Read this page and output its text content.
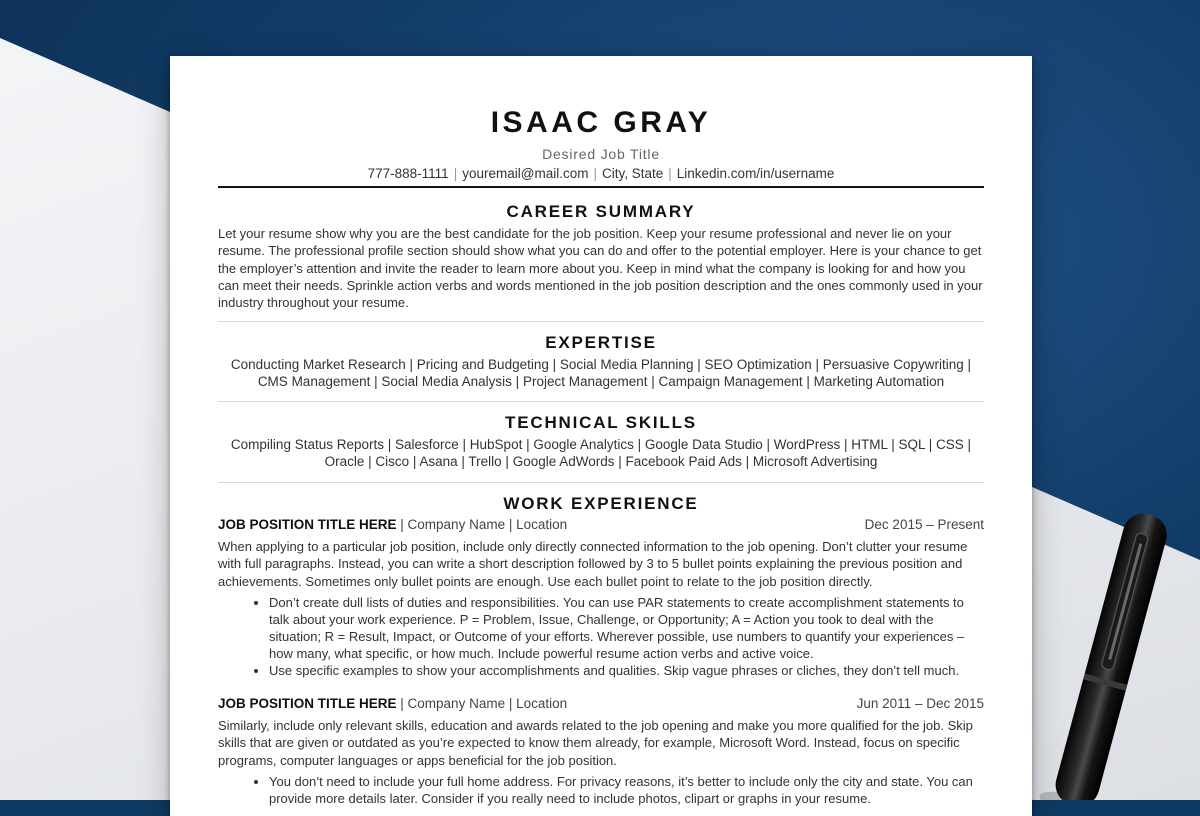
ISAAC GRAY
Desired Job Title
777-888-1111 | youremail@mail.com | City, State | Linkedin.com/in/username
CAREER SUMMARY
Let your resume show why you are the best candidate for the job position. Keep your resume professional and never lie on your resume. The professional profile section should show what you can do and offer to the potential employer. Here is your chance to get the employer’s attention and invite the reader to learn more about you. Keep in mind what the company is looking for and how you can meet their needs. Sprinkle action verbs and words mentioned in the job position description and the ones commonly used in your industry throughout your resume.
EXPERTISE
Conducting Market Research | Pricing and Budgeting | Social Media Planning | SEO Optimization | Persuasive Copywriting |
CMS Management | Social Media Analysis | Project Management | Campaign Management | Marketing Automation
TECHNICAL SKILLS
Compiling Status Reports | Salesforce | HubSpot | Google Analytics | Google Data Studio | WordPress | HTML | SQL | CSS |
Oracle | Cisco | Asana | Trello | Google AdWords | Facebook Paid Ads | Microsoft Advertising
WORK EXPERIENCE
JOB POSITION TITLE HERE | Company Name | Location	Dec 2015 – Present
When applying to a particular job position, include only directly connected information to the job opening. Don’t clutter your resume with full paragraphs. Instead, you can write a short description followed by 3 to 5 bullet points explaining the previous position and achievements. Sometimes only bullet points are enough. Use each bullet point to relate to the job position directly.
• Don’t create dull lists of duties and responsibilities. You can use PAR statements to create accomplishment statements to talk about your work experience. P = Problem, Issue, Challenge, or Opportunity; A = Action you took to deal with the situation; R = Result, Impact, or Outcome of your efforts. Wherever possible, use numbers to quantify your experiences – how many, what specific, or how much. Include powerful resume action verbs and active voice.
• Use specific examples to show your accomplishments and qualities. Skip vague phrases or cliches, they don’t tell much.
JOB POSITION TITLE HERE | Company Name | Location	Jun 2011 – Dec 2015
Similarly, include only relevant skills, education and awards related to the job opening and make you more qualified for the job. Skip skills that are given or outdated as you’re expected to know them already, for example, Microsoft Word. Instead, focus on specific programs, computer languages or apps beneficial for the job position.
• You don’t need to include your full home address. For privacy reasons, it’s better to include only the city and state. You can provide more details later. Consider if you really need to include photos, clipart or graphs in your resume.
